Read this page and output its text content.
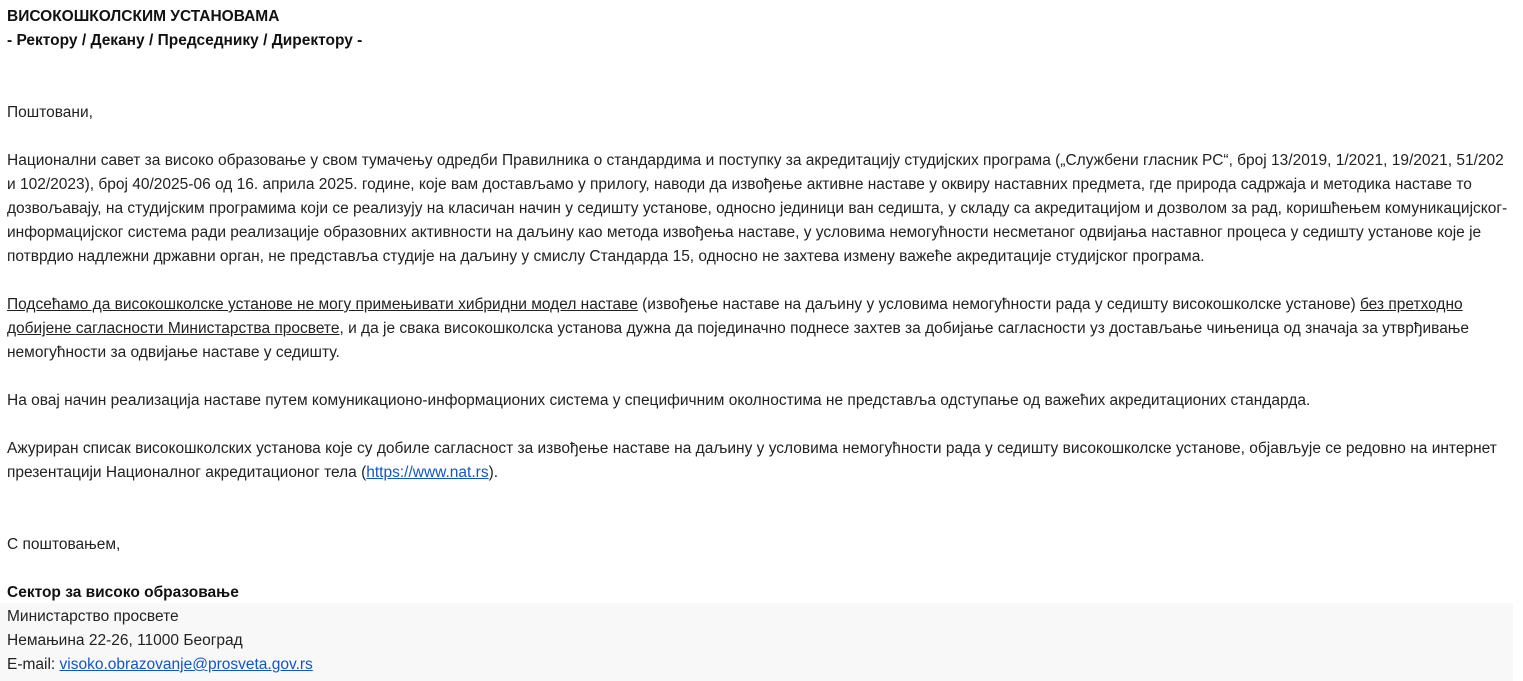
ВИСОКОШКОЛСКИМ УСТАНОВАМА

- Ректору / Декану / Председнику / Директору -

Поштовани,

Национални савет за високо образовање у свом тумачењу одредби Правилника о стандардима и поступку за акредитацију студијских програма („Службени гласник РС“, број 13/2019, 1/2021, 19/2021, 51/202 и 102/2023), број 40/2025-06 од 16. априла 2025. године, које вам достављамо у прилогу, наводи да извођење активне наставе у оквиру наставних предмета, где природа садржаја и методика наставе то дозвољавају, на студијским програмима који се реализују на класичан начин у седишту установе, односно јединици ван седишта, у складу са акредитацијом и дозволом за рад, коришћењем комуникацијског-информацијског система ради реализације образовних активности на даљину као метода извођења наставе, у условима немогућности несметаног одвијања наставног процеса у седишту установе које је потврдио надлежни државни орган, не представља студије на даљину у смислу Стандарда 15, односно не захтева измену важеће акредитације студијског програма.

Подсећамо да високошколске установе не могу примењивати хибридни модел наставе (извођење наставе на даљину у условима немогућности рада у седишту високошколске установе) без претходно добијене сагласности Министарства просвете, и да је свака високошколска установа дужна да појединачно поднесе захтев за добијање сагласности уз достављање чињеница од значаја за утврђивање немогућности за одвијање наставе у седишту.

На овај начин реализација наставе путем комуникационо-информационих система у специфичним околностима не представља одступање од важећих акредитационих стандарда.

Ажуриран списак високошколских установа које су добиле сагласност за извођење наставе на даљину у условима немогућности рада у седишту високошколске установе, објављује се редовно на интернет презентацији Националног акредитационог тела (https://www.nat.rs).

С поштовањем,

Сектор за високо образовање

Министарство просвете

Немањина 22-26, 11000 Београд

E-mail: visoko.obrazovanje@prosveta.gov.rs
